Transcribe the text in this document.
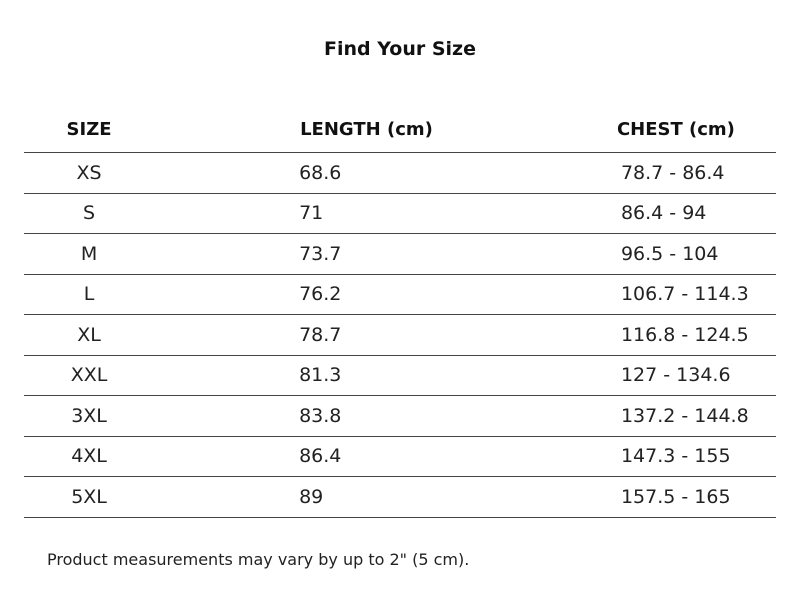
Find Your Size
SIZE	LENGTH (cm)	CHEST (cm)
XS	68.6	78.7 - 86.4
S	71	86.4 - 94
M	73.7	96.5 - 104
L	76.2	106.7 - 114.3
XL	78.7	116.8 - 124.5
XXL	81.3	127 - 134.6
3XL	83.8	137.2 - 144.8
4XL	86.4	147.3 - 155
5XL	89	157.5 - 165
Product measurements may vary by up to 2" (5 cm).
